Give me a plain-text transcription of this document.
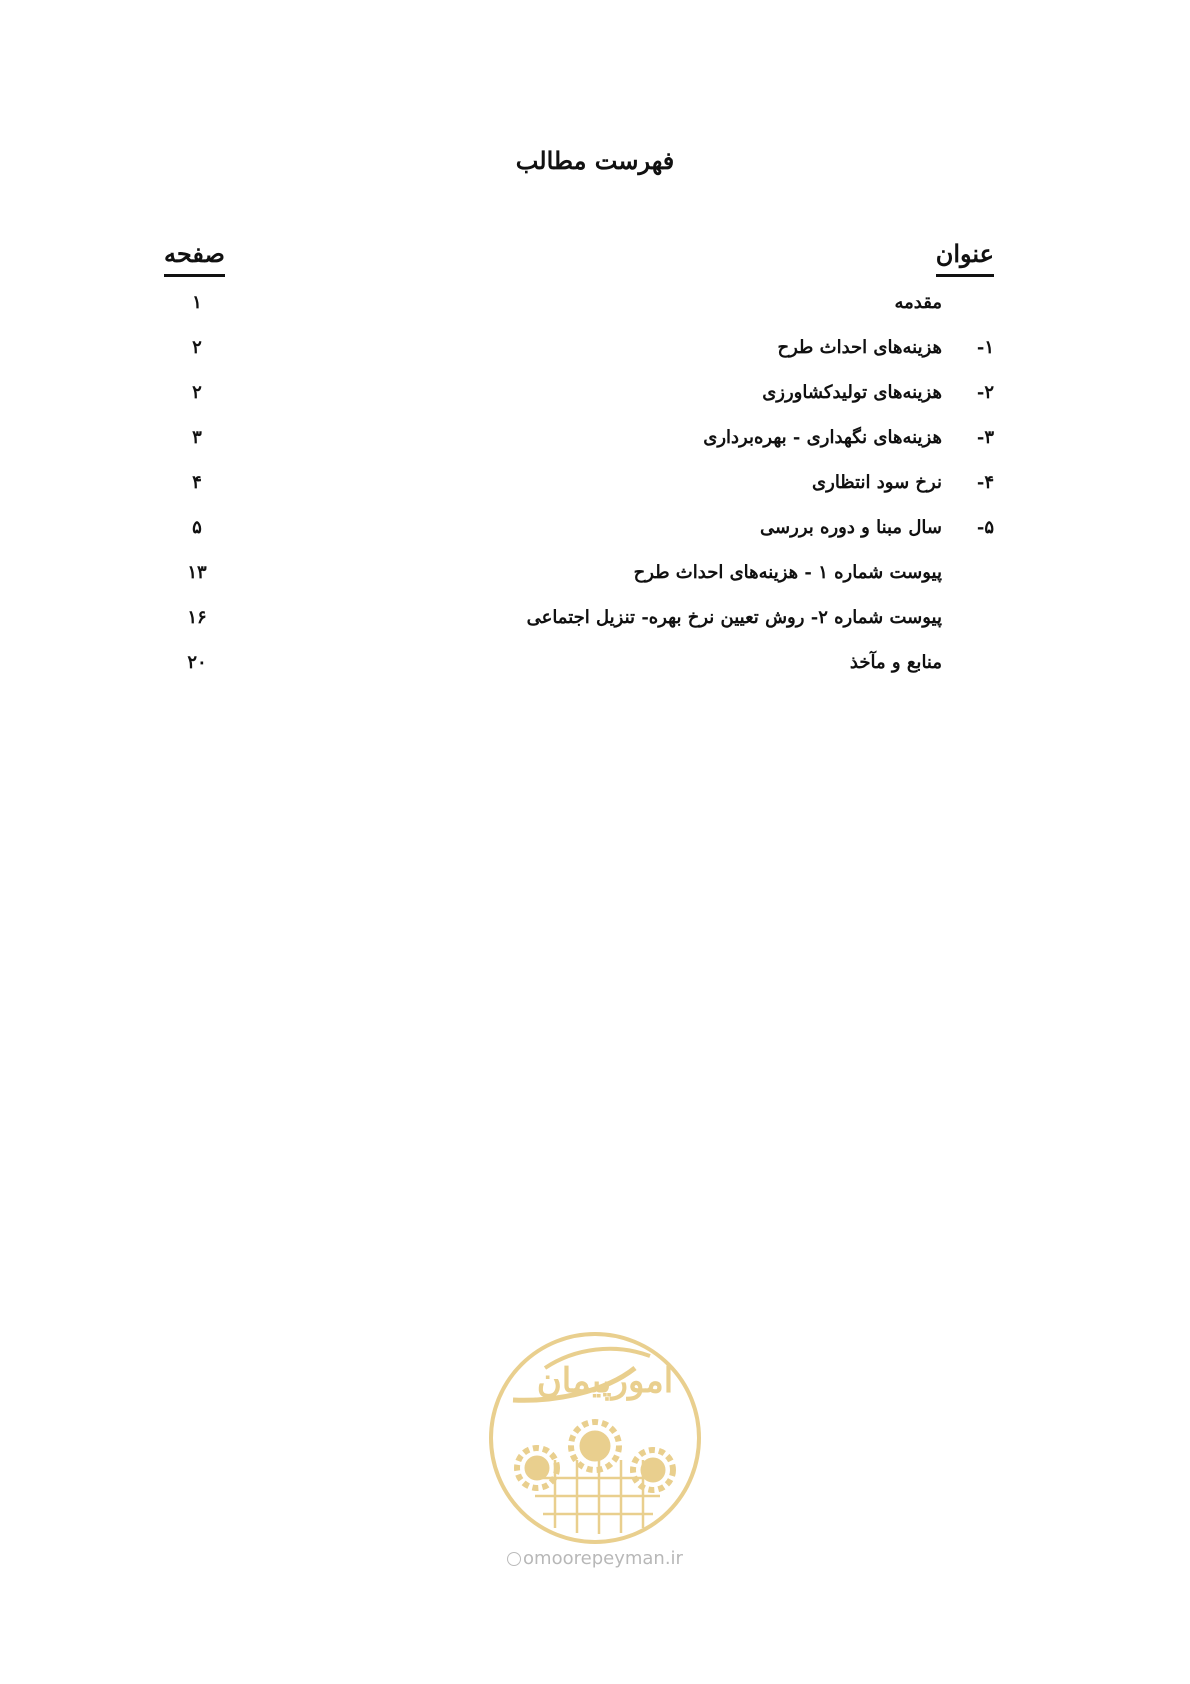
فهرست مطالب
عنوان
صفحه
مقدمه
۱
۱-هزینه‌های احداث طرح
۲
۲-هزینه‌های تولیدکشاورزی
۲
۳-هزینه‌های نگهداری - بهره‌برداری
۳
۴-نرخ سود انتظاری
۴
۵-سال مبنا و دوره بررسی
۵
پیوست شماره ۱ - هزینه‌های احداث طرح
۱۳
پیوست شماره ۲- روش تعیین نرخ بهره- تنزیل اجتماعی
۱۶
منابع و مآخذ
۲۰
امورپیمان
omoorepeyman.ir
